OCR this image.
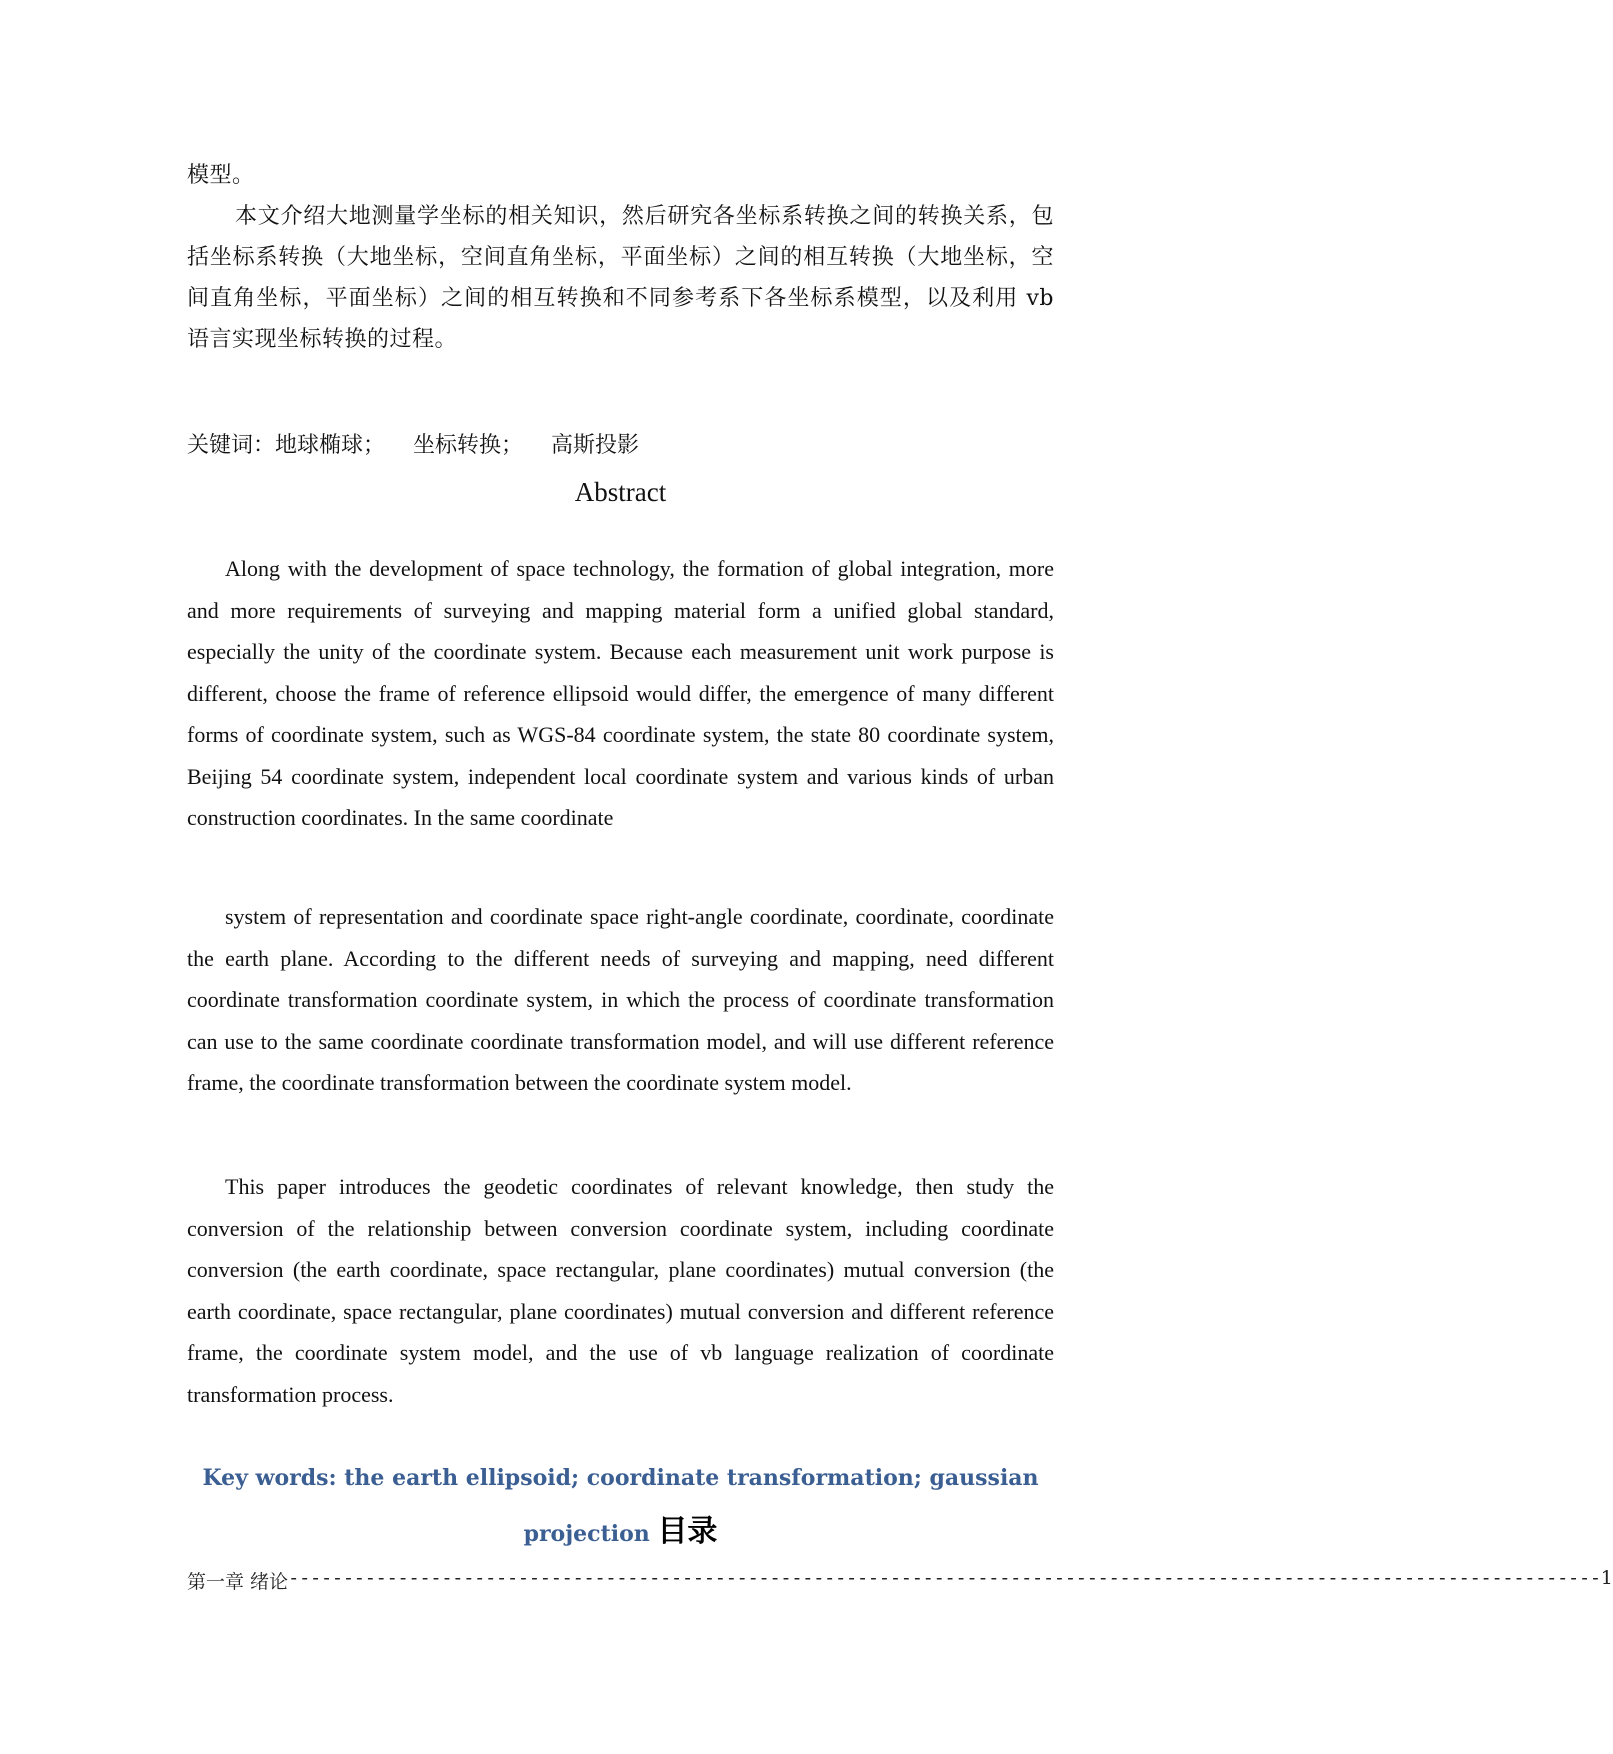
模型。

本文介绍大地测量学坐标的相关知识，然后研究各坐标系转换之间的转换关系，包括坐标系转换（大地坐标，空间直角坐标，平面坐标）之间的相互转换（大地坐标，空间直角坐标，平面坐标）之间的相互转换和不同参考系下各坐标系模型，以及利用 vb 语言实现坐标转换的过程。

关键词：地球椭球； 坐标转换； 高斯投影
Abstract

Along with the development of space technology, the formation of global integration, more and more requirements of surveying and mapping material form a unified global standard, especially the unity of the coordinate system. Because each measurement unit work purpose is different, choose the frame of reference ellipsoid would differ, the emergence of many different forms of coordinate system, such as WGS-84 coordinate system, the state 80 coordinate system, Beijing 54 coordinate system, independent local coordinate system and various kinds of urban construction coordinates. In the same coordinate

system of representation and coordinate space right-angle coordinate, coordinate, coordinate the earth plane. According to the different needs of surveying and mapping, need different coordinate transformation coordinate system, in which the process of coordinate transformation can use to the same coordinate coordinate transformation model, and will use different reference frame, the coordinate transformation between the coordinate system model.

This paper introduces the geodetic coordinates of relevant knowledge, then study the conversion of the relationship between conversion coordinate system, including coordinate conversion (the earth coordinate, space rectangular, plane coordinates) mutual conversion (the earth coordinate, space rectangular, plane coordinates) mutual conversion and different reference frame, the coordinate system model, and the use of vb language realization of coordinate transformation process.

Key words: the earth ellipsoid; coordinate transformation; gaussian
projection 目录
第一章 绪论 ------------------------------------------------------------------------------------------------------------------------ 1
